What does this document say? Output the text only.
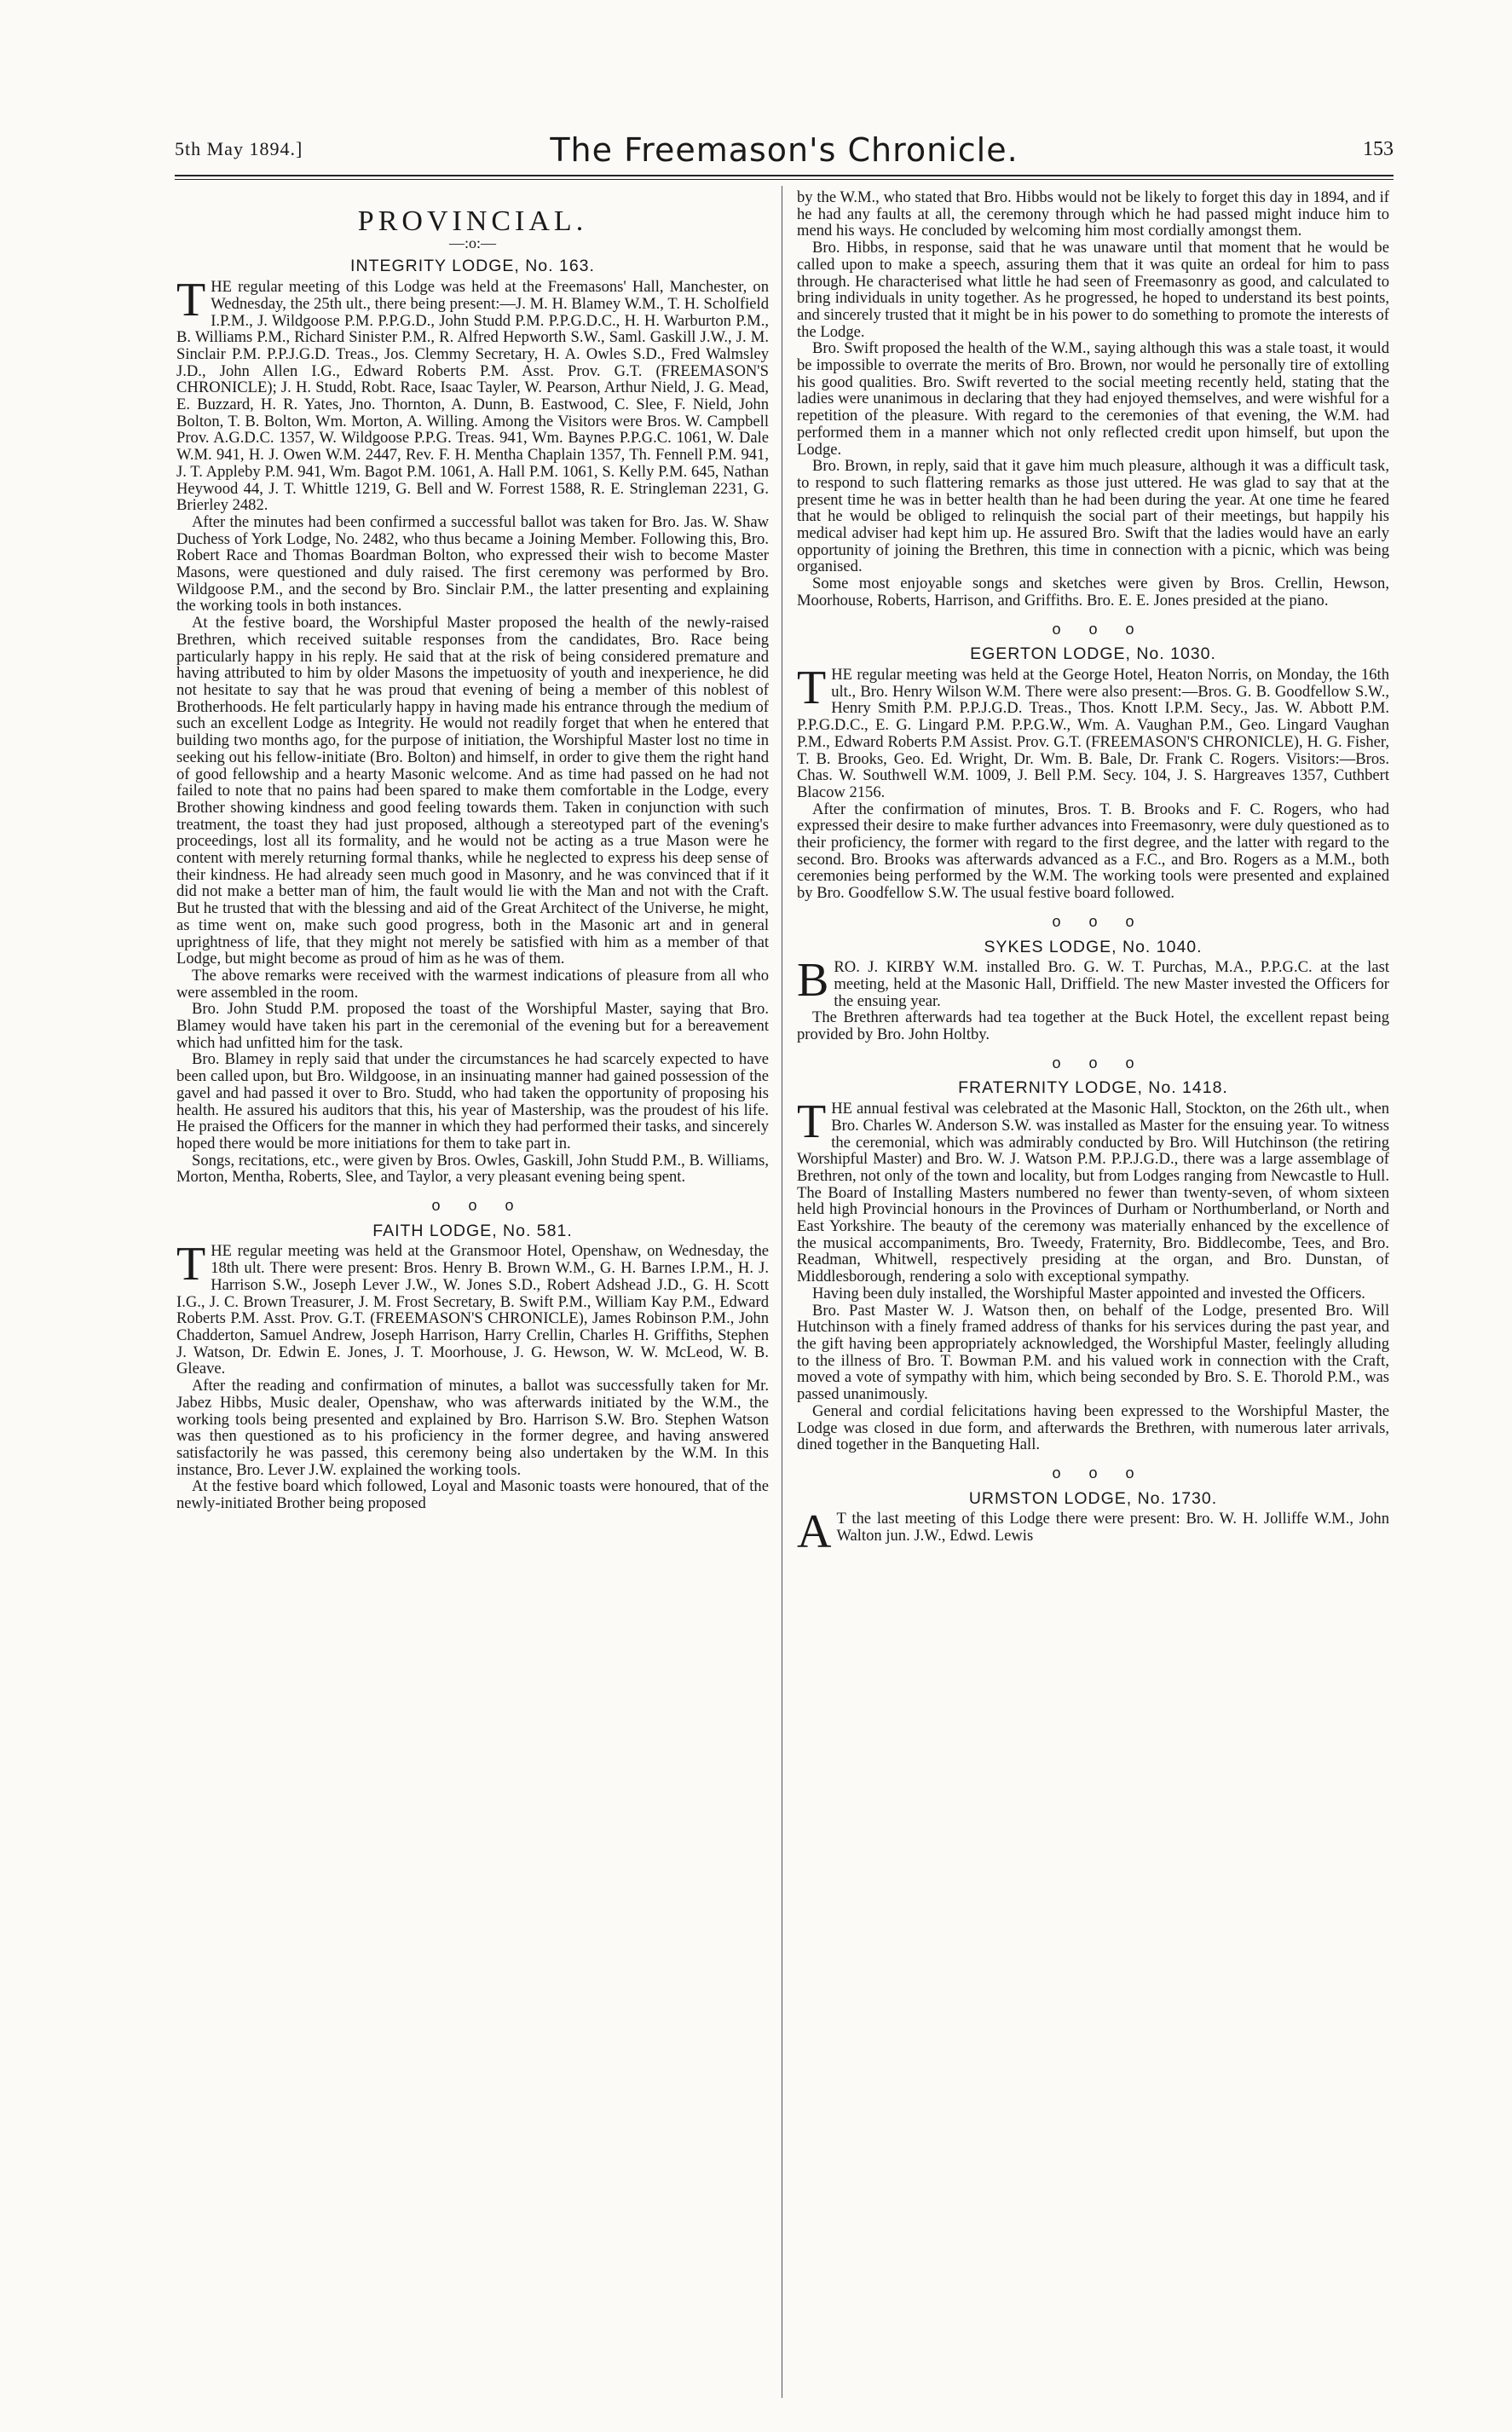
5th May 1894.]	The Freemason's Chronicle.	153
PROVINCIAL.
—:o:—
INTEGRITY LODGE, No. 163.

THE regular meeting of this Lodge was held at the Freemasons' Hall, Manchester, on Wednesday, the 25th ult., there being present:—J. M. H. Blamey W.M., T. H. Scholfield I.P.M., J. Wildgoose P.M. P.P.G.D., John Studd P.M. P.P.G.D.C., H. H. Warburton P.M., B. Williams P.M., Richard Sinister P.M., R. Alfred Hepworth S.W., Saml. Gaskill J.W., J. M. Sinclair P.M. P.P.J.G.D. Treas., Jos. Clemmy Secretary, H. A. Owles S.D., Fred Walmsley J.D., John Allen I.G., Edward Roberts P.M. Asst. Prov. G.T. (FREEMASON'S CHRONICLE); J. H. Studd, Robt. Race, Isaac Tayler, W. Pearson, Arthur Nield, J. G. Mead, E. Buzzard, H. R. Yates, Jno. Thornton, A. Dunn, B. Eastwood, C. Slee, F. Nield, John Bolton, T. B. Bolton, Wm. Morton, A. Willing. Among the Visitors were Bros. W. Campbell Prov. A.G.D.C. 1357, W. Wildgoose P.P.G. Treas. 941, Wm. Baynes P.P.G.C. 1061, W. Dale W.M. 941, H. J. Owen W.M. 2447, Rev. F. H. Mentha Chaplain 1357, Th. Fennell P.M. 941, J. T. Appleby P.M. 941, Wm. Bagot P.M. 1061, A. Hall P.M. 1061, S. Kelly P.M. 645, Nathan Heywood 44, J. T. Whittle 1219, G. Bell and W. Forrest 1588, R. E. Stringleman 2231, G. Brierley 2482.

After the minutes had been confirmed a successful ballot was taken for Bro. Jas. W. Shaw Duchess of York Lodge, No. 2482, who thus became a Joining Member. Following this, Bro. Robert Race and Thomas Boardman Bolton, who expressed their wish to become Master Masons, were questioned and duly raised. The first ceremony was performed by Bro. Wildgoose P.M., and the second by Bro. Sinclair P.M., the latter presenting and explaining the working tools in both instances.

At the festive board, the Worshipful Master proposed the health of the newly-raised Brethren, which received suitable responses from the candidates, Bro. Race being particularly happy in his reply. He said that at the risk of being considered premature and having attributed to him by older Masons the impetuosity of youth and inexperience, he did not hesitate to say that he was proud that evening of being a member of this noblest of Brotherhoods. He felt particularly happy in having made his entrance through the medium of such an excellent Lodge as Integrity. He would not readily forget that when he entered that building two months ago, for the purpose of initiation, the Worshipful Master lost no time in seeking out his fellow-initiate (Bro. Bolton) and himself, in order to give them the right hand of good fellowship and a hearty Masonic welcome. And as time had passed on he had not failed to note that no pains had been spared to make them comfortable in the Lodge, every Brother showing kindness and good feeling towards them. Taken in conjunction with such treatment, the toast they had just proposed, although a stereotyped part of the evening's proceedings, lost all its formality, and he would not be acting as a true Mason were he content with merely returning formal thanks, while he neglected to express his deep sense of their kindness. He had already seen much good in Masonry, and he was convinced that if it did not make a better man of him, the fault would lie with the Man and not with the Craft. But he trusted that with the blessing and aid of the Great Architect of the Universe, he might, as time went on, make such good progress, both in the Masonic art and in general uprightness of life, that they might not merely be satisfied with him as a member of that Lodge, but might become as proud of him as he was of them.

The above remarks were received with the warmest indications of pleasure from all who were assembled in the room.

Bro. John Studd P.M. proposed the toast of the Worshipful Master, saying that Bro. Blamey would have taken his part in the ceremonial of the evening but for a bereavement which had unfitted him for the task.

Bro. Blamey in reply said that under the circumstances he had scarcely expected to have been called upon, but Bro. Wildgoose, in an insinuating manner had gained possession of the gavel and had passed it over to Bro. Studd, who had taken the opportunity of proposing his health. He assured his auditors that this, his year of Mastership, was the proudest of his life. He praised the Officers for the manner in which they had performed their tasks, and sincerely hoped there would be more initiations for them to take part in.

Songs, recitations, etc., were given by Bros. Owles, Gaskill, John Studd P.M., B. Williams, Morton, Mentha, Roberts, Slee, and Taylor, a very pleasant evening being spent.

o o o
FAITH LODGE, No. 581.

THE regular meeting was held at the Gransmoor Hotel, Openshaw, on Wednesday, the 18th ult. There were present: Bros. Henry B. Brown W.M., G. H. Barnes I.P.M., H. J. Harrison S.W., Joseph Lever J.W., W. Jones S.D., Robert Adshead J.D., G. H. Scott I.G., J. C. Brown Treasurer, J. M. Frost Secretary, B. Swift P.M., William Kay P.M., Edward Roberts P.M. Asst. Prov. G.T. (FREEMASON'S CHRONICLE), James Robinson P.M., John Chadderton, Samuel Andrew, Joseph Harrison, Harry Crellin, Charles H. Griffiths, Stephen J. Watson, Dr. Edwin E. Jones, J. T. Moorhouse, J. G. Hewson, W. W. McLeod, W. B. Gleave.

After the reading and confirmation of minutes, a ballot was successfully taken for Mr. Jabez Hibbs, Music dealer, Openshaw, who was afterwards initiated by the W.M., the working tools being presented and explained by Bro. Harrison S.W. Bro. Stephen Watson was then questioned as to his proficiency in the former degree, and having answered satisfactorily he was passed, this ceremony being also undertaken by the W.M. In this instance, Bro. Lever J.W. explained the working tools.

At the festive board which followed, Loyal and Masonic toasts were honoured, that of the newly-initiated Brother being proposed

by the W.M., who stated that Bro. Hibbs would not be likely to forget this day in 1894, and if he had any faults at all, the ceremony through which he had passed might induce him to mend his ways. He concluded by welcoming him most cordially amongst them.

Bro. Hibbs, in response, said that he was unaware until that moment that he would be called upon to make a speech, assuring them that it was quite an ordeal for him to pass through. He characterised what little he had seen of Freemasonry as good, and calculated to bring individuals in unity together. As he progressed, he hoped to understand its best points, and sincerely trusted that it might be in his power to do something to promote the interests of the Lodge.

Bro. Swift proposed the health of the W.M., saying although this was a stale toast, it would be impossible to overrate the merits of Bro. Brown, nor would he personally tire of extolling his good qualities. Bro. Swift reverted to the social meeting recently held, stating that the ladies were unanimous in declaring that they had enjoyed themselves, and were wishful for a repetition of the pleasure. With regard to the ceremonies of that evening, the W.M. had performed them in a manner which not only reflected credit upon himself, but upon the Lodge.

Bro. Brown, in reply, said that it gave him much pleasure, although it was a difficult task, to respond to such flattering remarks as those just uttered. He was glad to say that at the present time he was in better health than he had been during the year. At one time he feared that he would be obliged to relinquish the social part of their meetings, but happily his medical adviser had kept him up. He assured Bro. Swift that the ladies would have an early opportunity of joining the Brethren, this time in connection with a picnic, which was being organised.

Some most enjoyable songs and sketches were given by Bros. Crellin, Hewson, Moorhouse, Roberts, Harrison, and Griffiths. Bro. E. E. Jones presided at the piano.

o o o
EGERTON LODGE, No. 1030.

THE regular meeting was held at the George Hotel, Heaton Norris, on Monday, the 16th ult., Bro. Henry Wilson W.M. There were also present:—Bros. G. B. Goodfellow S.W., Henry Smith P.M. P.P.J.G.D. Treas., Thos. Knott I.P.M. Secy., Jas. W. Abbott P.M. P.P.G.D.C., E. G. Lingard P.M. P.P.G.W., Wm. A. Vaughan P.M., Geo. Lingard Vaughan P.M., Edward Roberts P.M Assist. Prov. G.T. (FREEMASON'S CHRONICLE), H. G. Fisher, T. B. Brooks, Geo. Ed. Wright, Dr. Wm. B. Bale, Dr. Frank C. Rogers. Visitors:—Bros. Chas. W. Southwell W.M. 1009, J. Bell P.M. Secy. 104, J. S. Hargreaves 1357, Cuthbert Blacow 2156.

After the confirmation of minutes, Bros. T. B. Brooks and F. C. Rogers, who had expressed their desire to make further advances into Freemasonry, were duly questioned as to their proficiency, the former with regard to the first degree, and the latter with regard to the second. Bro. Brooks was afterwards advanced as a F.C., and Bro. Rogers as a M.M., both ceremonies being performed by the W.M. The working tools were presented and explained by Bro. Goodfellow S.W. The usual festive board followed.

o o o
SYKES LODGE, No. 1040.

BRO. J. KIRBY W.M. installed Bro. G. W. T. Purchas, M.A., P.P.G.C. at the last meeting, held at the Masonic Hall, Driffield. The new Master invested the Officers for the ensuing year.

The Brethren afterwards had tea together at the Buck Hotel, the excellent repast being provided by Bro. John Holtby.

o o o
FRATERNITY LODGE, No. 1418.

THE annual festival was celebrated at the Masonic Hall, Stockton, on the 26th ult., when Bro. Charles W. Anderson S.W. was installed as Master for the ensuing year. To witness the ceremonial, which was admirably conducted by Bro. Will Hutchinson (the retiring Worshipful Master) and Bro. W. J. Watson P.M. P.P.J.G.D., there was a large assemblage of Brethren, not only of the town and locality, but from Lodges ranging from Newcastle to Hull. The Board of Installing Masters numbered no fewer than twenty-seven, of whom sixteen held high Provincial honours in the Provinces of Durham or Northumberland, or North and East Yorkshire. The beauty of the ceremony was materially enhanced by the excellence of the musical accompaniments, Bro. Tweedy, Fraternity, Bro. Biddlecombe, Tees, and Bro. Readman, Whitwell, respectively presiding at the organ, and Bro. Dunstan, of Middlesborough, rendering a solo with exceptional sympathy.

Having been duly installed, the Worshipful Master appointed and invested the Officers.

Bro. Past Master W. J. Watson then, on behalf of the Lodge, presented Bro. Will Hutchinson with a finely framed address of thanks for his services during the past year, and the gift having been appropriately acknowledged, the Worshipful Master, feelingly alluding to the illness of Bro. T. Bowman P.M. and his valued work in connection with the Craft, moved a vote of sympathy with him, which being seconded by Bro. S. E. Thorold P.M., was passed unanimously.

General and cordial felicitations having been expressed to the Worshipful Master, the Lodge was closed in due form, and afterwards the Brethren, with numerous later arrivals, dined together in the Banqueting Hall.

o o o
URMSTON LODGE, No. 1730.

A T the last meeting of this Lodge there were present: Bro. W. H. Jolliffe W.M., John Walton jun. J.W., Edwd. Lewis
